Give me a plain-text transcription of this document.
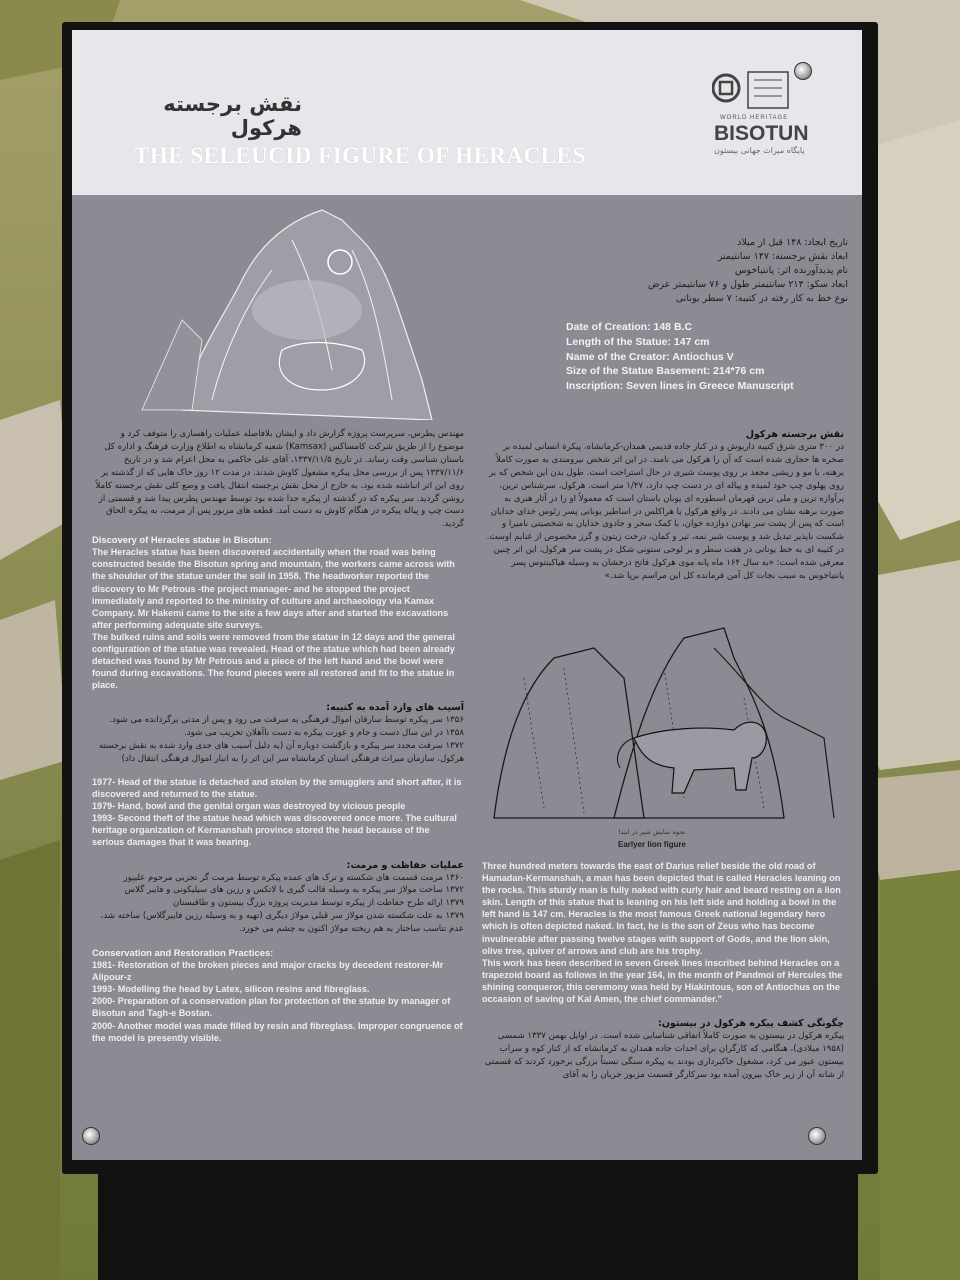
نقش برجسته هرکول
THE SELEUCID FIGURE OF HERACLES
WORLD HERITAGE
BISOTUN
پایگاه میراث جهانی بیستون
تاریخ ایجاد: ۱۴۸ قبل از میلاد
ابعاد نقش برجسته: ۱۴۷ سانتیمتر
نام پدیدآورنده اثر: پانتیاخوس
ابعاد سکو: ۲۱۴ سانتیمتر طول و ۷۶ سانتیمتر عرض
نوع خط به کار رفته در کتیبه: ۷ سطر یونانی
Date of Creation: 148 B.C
Length of the Statue: 147 cm
Name of the Creator: Antiochus V
Size of the Statue Basement: 214*76 cm
Inscription: Seven lines in Greece Manuscript

مهندس پطرس، سرپرست پروژه گزارش داد و ایشان بلافاصله عملیات راهسازی را متوقف کرد و موضوع را از طریق شرکت کامساکس (Kamsax) شعبه کرمانشاه به اطلاع وزارت فرهنگ و اداره کل باستان شناسی وقت رساند. در تاریخ ۱۳۳۷/۱۱/۵، آقای علی حاکمی به محل اعزام شد و در تاریخ ۱۳۳۷/۱۱/۶ پس از بررسی محل پیکره مشغول کاوش شدند. در مدت ۱۲ روز خاک هایی که از گذشته بر روی این اثر انباشته شده بود، به خارج از محل نقش برجسته انتقال یافت و وضع کلی نقش برجسته کاملاً روشن گردید. سر پیکره که در گذشته از پیکره جدا شده بود توسط مهندس پطرس پیدا شد و قسمتی از دست چپ و پیاله پیکره در هنگام کاوش به دست آمد. قطعه های مزبور پس از مرمت، به پیکره الحاق گردید.

Discovery of Heracles statue in Bisotun:

The Heracles statue has been discovered accidentally when the road was being constructed beside the Bisotun spring and mountain, the workers came across with the shoulder of the statue under the soil in 1958. The headworker reported the discovery to Mr Petrous -the project manager- and he stopped the project immediately and reported to the ministry of culture and archaeology via Kamax Company. Mr Hakemi came to the site a few days after and started the excavations after performing adequate site surveys.

The bulked ruins and soils were removed from the statue in 12 days and the general configuration of the statue was revealed. Head of the statue which had been already detached was found by Mr Petrous and a piece of the left hand and the bowl were found during excavations. The found pieces were all restored and fit to the statue in place.

آسیب های وارد آمده به کتیبه:

۱۳۵۶ سر پیکره توسط سارقان اموال فرهنگی به سرقت می رود و پس از مدتی برگردانده می شود.

۱۳۵۸ در این سال دست و جام و عورت پیکره به دست ناآهلان تخریب می شود.

۱۳۷۲ سرقت مجدد سر پیکره و بازگشت دوباره آن (به دلیل آسیب های جدی وارد شده به نقش برجسته هرکول، سازمان میراث فرهنگی استان کرمانشاه سر این اثر را به انبار اموال فرهنگی انتقال داد)

1977- Head of the statue is detached and stolen by the smugglers and short after, it is discovered and returned to the statue.
1979- Hand, bowl and the genital organ was destroyed by vicious people
1993- Second theft of the statue head which was discovered once more. The cultural heritage organization of Kermanshah province stored the head because of the serious damages that it was bearing.

عملیات حفاظت و مرمت:

۱۳۶۰ مرمت قسمت های شکسته و ترک های عمده پیکره توسط مرمت گر تجربی مرحوم علیپور

۱۳۷۲ ساخت مولاژ سر پیکره به وسیله قالب گیری با لاتکس و رزین های سیلیکونی و فایبر گلاس

۱۳۷۹ ارائه طرح حفاظت از پیکره توسط مدیریت پروژه بزرگ بیستون و طاقبستان

۱۳۷۹ به علت شکسته شدن مولاژ سر قبلی مولاژ دیگری (تهیه و به وسیله رزین فایبرگلاس) ساخته شد، عدم تناسب ساختار به هم ریخته مولاژ اکنون به چشم می خورد.

Conservation and Restoration Practices:

1981- Restoration of the broken pieces and major cracks by decedent restorer-Mr Alipour-z
1993- Modelling the head by Latex, silicon resins and fibreglass.
2000- Preparation of a conservation plan for protection of the statue by manager of Bisotun and Tagh-e Bostan.
2000- Another model was made filled by resin and fibreglass. Improper congruence of the model is presently visible.

نقش برجسته هرکول

در ۳۰۰ متری شرق کتیبه داریوش و در کنار جاده قدیمی همدان-کرمانشاه، پیکرة انسانی لمیده بر صخره ها حجاری شده است که آن را هرکول می نامند. در این اثر شخص نیرومندی به صورت کاملاً برهنه، با مو و ریشی مجعد بر روی پوست شیری در حال استراحت است. طول بدن این شخص که بر روی پهلوی چپ خود لمیده و پیاله ای در دست چپ دارد، ۱/۴۷ متر است. هرکول، سرشناس ترین، پرآوازه ترین و ملی ترین قهرمان اسطوره ای یونان باستان است که معمولاً او را در آثار هنری به صورت برهنه نشان می دادند. در واقع هرکول یا هراکلس در اساطیر یونانی پسر زئوس خدای خدایان است که پس از پشت سر نهادن دوازده خوان، با کمک سحر و جادوی خدایان به شخصیتی نامیرا و شکست ناپذیر تبدیل شد و پوست شیر نمه، تیر و کمان، درخت زیتون و گرز مخصوص از غنایم اوست. در کتیبه ای به خط یونانی در هفت سطر و بر لوحی ستونی شکل در پشت سر هرکول، این اثر چنین معرفی شده است: «به سال ۱۶۴ ماه پانه موی هرکول فاتح درخشان به وسیله هیاکینتوس پسر پانتیاخوس به سبب نجات کل آمن فرمانده کل این مراسم برپا شد.»

نحوه نمایش شیر در ابتدا
Earlyer lion figure

Three hundred meters towards the east of Darius relief beside the old road of Hamadan-Kermanshah, a man has been depicted that is called Heracles leaning on the rocks. This sturdy man is fully naked with curly hair and beard resting on a lion skin. Length of this statue that is leaning on his left side and holding a bowl in the left hand is 147 cm. Heracles is the most famous Greek national legendary hero which is often depicted naked. In fact, he is the son of Zeus who has become invulnerable after passing twelve stages with support of Gods, and the lion skin, olive tree, quiver of arrows and club are his trophy.
This work has been described in seven Greek lines inscribed behind Heracles on a trapezoid board as follows in the year 164, in the month of Pandmoi of Hercules the shining conqueror, this ceremony was held by Hiakintous, son of Antiochus on the occasion of saving of Kal Amen, the chief commander."

چگونگی کشف پیکره هرکول در بیستون:

پیکره هرکول در بیستون به صورت کاملاً اتفاقی شناسایی شده است. در اوایل بهمن ۱۳۳۷ شمسی (۱۹۵۸ میلادی)، هنگامی که کارگران برای احداث جاده همدان به کرمانشاه که از کنار کوه و سراب بیستون عبور می کرد، مشغول خاکبرداری بودند به پیکره سنگی نسبتاً بزرگی برخورد کردند که قسمتی از شانه آن از زیر خاک بیرون آمده بود سرکارگر قسمت مزبور جریان را به آقای
